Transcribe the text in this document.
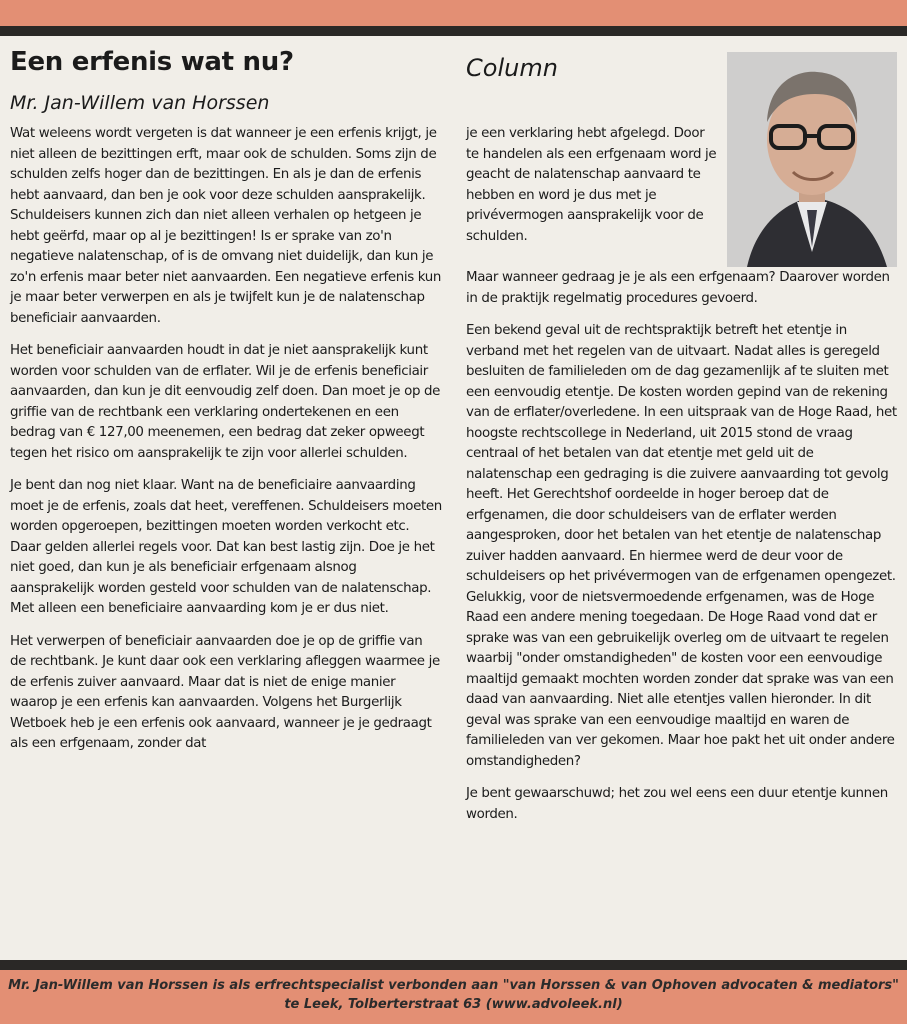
Een erfenis wat nu?
Mr. Jan-Willem van Horssen
Column

Wat weleens wordt vergeten is dat wanneer je een erfenis krijgt, je niet alleen de bezittingen erft, maar ook de schulden. Soms zijn de schulden zelfs hoger dan de bezittingen. En als je dan de erfenis hebt aanvaard, dan ben je ook voor deze schulden aansprakelijk. Schuldeisers kunnen zich dan niet alleen verhalen op hetgeen je hebt geërfd, maar op al je bezittingen! Is er sprake van zo'n negatieve nalatenschap, of is de omvang niet duidelijk, dan kun je zo'n erfenis maar beter niet aanvaarden. Een negatieve erfenis kun je maar beter verwerpen en als je twijfelt kun je de nalatenschap beneficiair aanvaarden.

Het beneficiair aanvaarden houdt in dat je niet aansprakelijk kunt worden voor schulden van de erflater. Wil je de erfenis beneficiair aanvaarden, dan kun je dit eenvoudig zelf doen. Dan moet je op de griffie van de rechtbank een verklaring ondertekenen en een bedrag van € 127,00 meenemen, een bedrag dat zeker opweegt tegen het risico om aansprakelijk te zijn voor allerlei schulden.

Je bent dan nog niet klaar. Want na de beneficiaire aanvaarding moet je de erfenis, zoals dat heet, vereffenen. Schuldeisers moeten worden opgeroepen, bezittingen moeten worden verkocht etc. Daar gelden allerlei regels voor. Dat kan best lastig zijn. Doe je het niet goed, dan kun je als beneficiair erfgenaam alsnog aansprakelijk worden gesteld voor schulden van de nalatenschap. Met alleen een beneficiaire aanvaarding kom je er dus niet.

Het verwerpen of beneficiair aanvaarden doe je op de griffie van de rechtbank. Je kunt daar ook een verklaring afleggen waarmee je de erfenis zuiver aanvaard. Maar dat is niet de enige manier waarop je een erfenis kan aanvaarden. Volgens het Burgerlijk Wetboek heb je een erfenis ook aanvaard, wanneer je je gedraagt als een erfgenaam, zonder dat

je een verklaring hebt afgelegd. Door te handelen als een erfgenaam word je geacht de nalatenschap aanvaard te hebben en word je dus met je privévermogen aansprakelijk voor de schulden.

Maar wanneer gedraag je je als een erfgenaam? Daarover worden in de praktijk regelmatig procedures gevoerd.

Een bekend geval uit de rechtspraktijk betreft het etentje in verband met het regelen van de uitvaart. Nadat alles is geregeld besluiten de familieleden om de dag gezamenlijk af te sluiten met een eenvoudig etentje. De kosten worden gepind van de rekening van de erflater/overledene. In een uitspraak van de Hoge Raad, het hoogste rechtscollege in Nederland, uit 2015 stond de vraag centraal of het betalen van dat etentje met geld uit de nalatenschap een gedraging is die zuivere aanvaarding tot gevolg heeft. Het Gerechtshof oordeelde in hoger beroep dat de erfgenamen, die door schuldeisers van de erflater werden aangesproken, door het betalen van het etentje de nalatenschap zuiver hadden aanvaard. En hiermee werd de deur voor de schuldeisers op het privévermogen van de erfgenamen opengezet. Gelukkig, voor de nietsvermoedende erfgenamen, was de Hoge Raad een andere mening toegedaan. De Hoge Raad vond dat er sprake was van een gebruikelijk overleg om de uitvaart te regelen waarbij "onder omstandigheden" de kosten voor een eenvoudige maaltijd gemaakt mochten worden zonder dat sprake was van een daad van aanvaarding. Niet alle etentjes vallen hieronder. In dit geval was sprake van een eenvoudige maaltijd en waren de familieleden van ver gekomen. Maar hoe pakt het uit onder andere omstandigheden?

Je bent gewaarschuwd; het zou wel eens een duur etentje kunnen worden.

Mr. Jan-Willem van Horssen is als erfrechtspecialist verbonden aan "van Horssen & van Ophoven advocaten & mediators"
te Leek, Tolberterstraat 63 (www.advoleek.nl)
